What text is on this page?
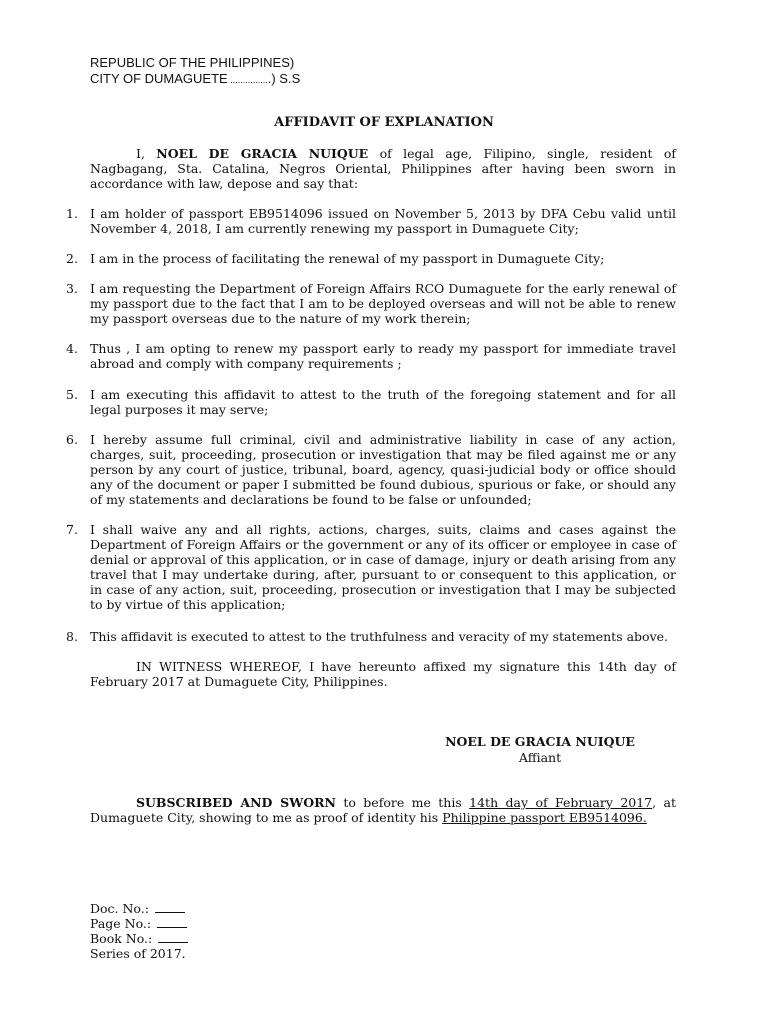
REPUBLIC OF THE PHILIPPINES)
CITY OF DUMAGUETE ................) S.S
AFFIDAVIT OF EXPLANATION
I, NOEL DE GRACIA NUIQUE of legal age, Filipino, single, resident of Nagbagang, Sta. Catalina, Negros Oriental, Philippines after having been sworn in accordance with law, depose and say that:
1. I am holder of passport EB9514096 issued on November 5, 2013 by DFA Cebu valid until November 4, 2018, I am currently renewing my passport in Dumaguete City;
2. I am in the process of facilitating the renewal of my passport in Dumaguete City;
3. I am requesting the Department of Foreign Affairs RCO Dumaguete for the early renewal of my passport due to the fact that I am to be deployed overseas and will not be able to renew my passport overseas due to the nature of my work therein;
4. Thus , I am opting to renew my passport early to ready my passport for immediate travel abroad and comply with company requirements ;
5. I am executing this affidavit to attest to the truth of the foregoing statement and for all legal purposes it may serve;
6. I hereby assume full criminal, civil and administrative liability in case of any action, charges, suit, proceeding, prosecution or investigation that may be filed against me or any person by any court of justice, tribunal, board, agency, quasi-judicial body or office should any of the document or paper I submitted be found dubious, spurious or fake, or should any of my statements and declarations be found to be false or unfounded;
7. I shall waive any and all rights, actions, charges, suits, claims and cases against the Department of Foreign Affairs or the government or any of its officer or employee in case of denial or approval of this application, or in case of damage, injury or death arising from any travel that I may undertake during, after, pursuant to or consequent to this application, or in case of any action, suit, proceeding, prosecution or investigation that I may be subjected to by virtue of this application;
8. This affidavit is executed to attest to the truthfulness and veracity of my statements above.
IN WITNESS WHEREOF, I have hereunto affixed my signature this 14th day of February 2017 at Dumaguete City, Philippines.
NOEL DE GRACIA NUIQUE
Affiant
SUBSCRIBED AND SWORN to before me this 14th day of February 2017, at Dumaguete City, showing to me as proof of identity his Philippine passport EB9514096.
Doc. No.:
Page No.:
Book No.:
Series of 2017.
